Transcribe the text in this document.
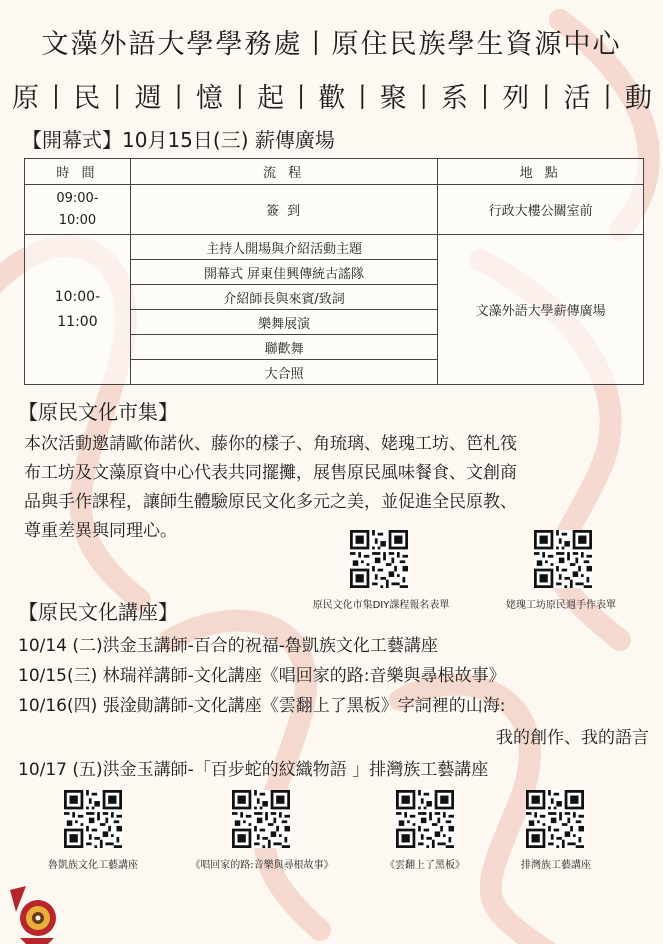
文藻外語大學學務處丨原住民族學生資源中心
原 丨 民 丨 週 丨 憶 丨 起 丨 歡 丨 聚 丨 系 丨 列 丨 活 丨 動
【開幕式】10月15日(三) 薪傳廣場
時 間	流 程	地 點
09:00-
10:00	簽 到	行政大樓公關室前
10:00-
11:00	主持人開場與介紹活動主題	文藻外語大學薪傳廣場
	開幕式 屏東佳興傳統古謠隊	
	介紹師長與來賓/致詞	
	樂舞展演	
	聯歡舞	
	大合照	
【原民文化市集】
本次活動邀請歐佈諾伙、藤你的樣子、角琉璃、姥瑰工坊、笆札筏
布工坊及文藻原資中心代表共同擺攤，展售原民風味餐食、文創商
品與手作課程，讓師生體驗原民文化多元之美，並促進全民原教、
尊重差異與同理心。
原民文化市集DIY課程報名表單	姥瑰工坊原民週手作表單
【原民文化講座】
10/14 (二)洪金玉講師-百合的祝福-魯凱族文化工藝講座
10/15(三) 林瑞祥講師-文化講座《唱回家的路:音樂與尋根故事》
10/16(四) 張淦勛講師-文化講座《雲翻上了黑板》字詞裡的山海:
我的創作、我的語言
10/17 (五)洪金玉講師-「百步蛇的紋織物語 」排灣族工藝講座
魯凱族文化工藝講座	《唱回家的路:音樂與尋根故事》	《雲翻上了黑板》	排灣族工藝講座
